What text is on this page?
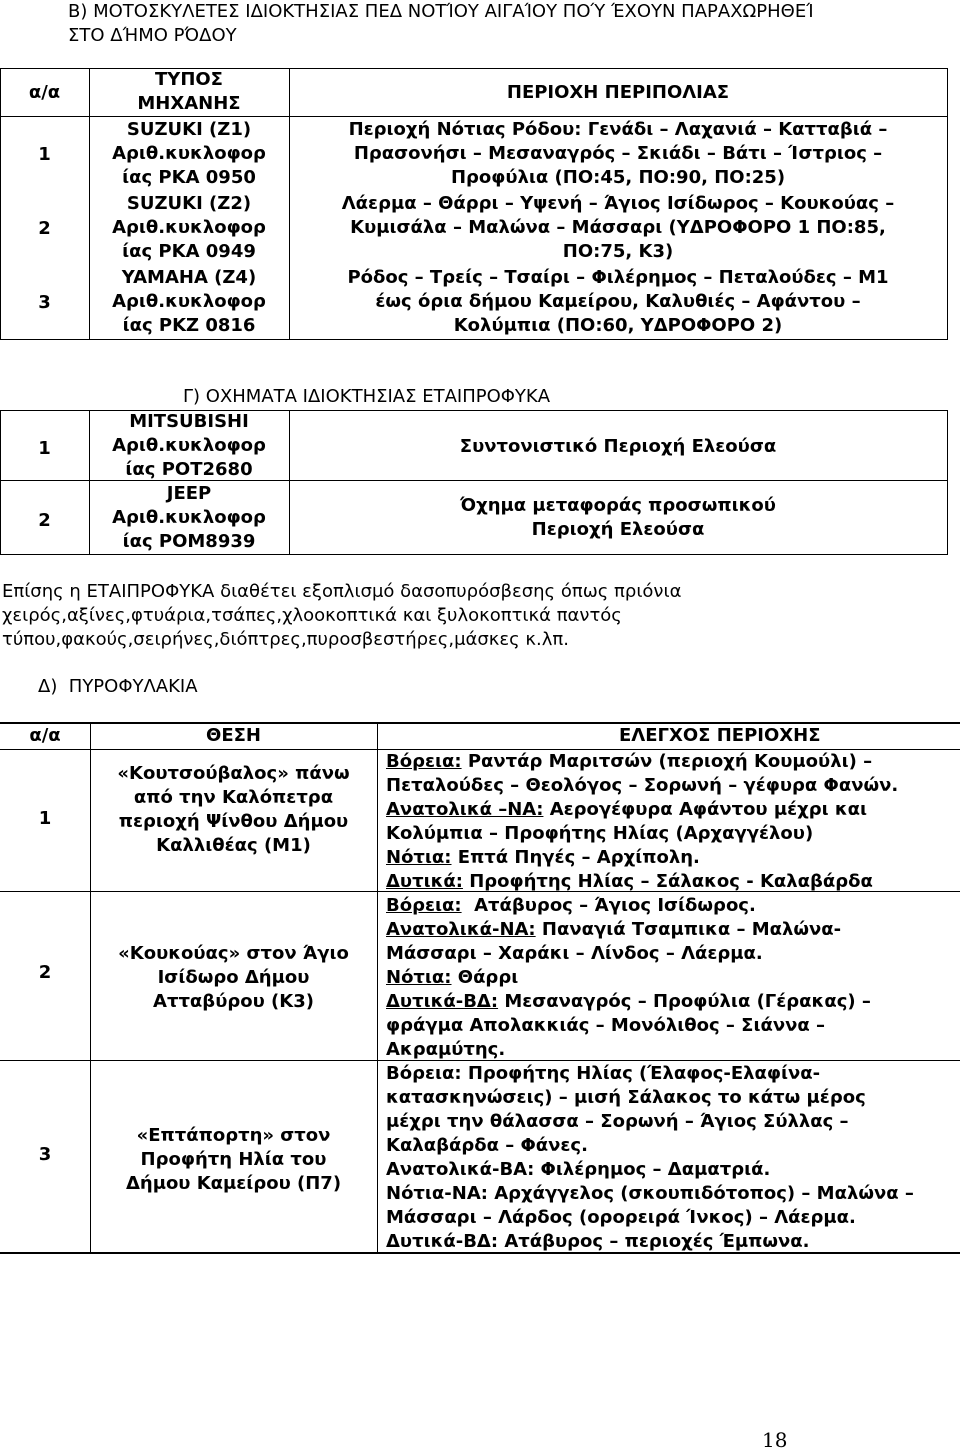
Β) ΜΟΤΟΣΚΥΛΕΤΕΣ ΙΔΙΟΚΤΗΣΙΑΣ ΠΕΔ ΝΟΤΊΟΥ ΑΙΓΑΊΟΥ ΠΟΎ ΈΧΟΥΝ ΠΑΡΑΧΩΡΗΘΕΊ
ΣΤΟ ΔΉΜΟ ΡΌΔΟΥ
α/α
ΤΥΠΟΣ
ΜΗΧΑΝΗΣ
ΠΕΡΙΟΧΗ ΠΕΡΙΠΟΛΙΑΣ
1
SUZUKI (Z1)
Αριθ.κυκλοφορ
ίας ΡΚΑ 0950
Περιοχή Νότιας Ρόδου: Γενάδι – Λαχανιά – Κατταβιά –
Πρασονήσι – Μεσαναγρός – Σκιάδι – Βάτι – Ίστριος –
Προφύλια (ΠΟ:45, ΠΟ:90, ΠΟ:25)
2
SUZUKI (Z2)
Αριθ.κυκλοφορ
ίας ΡΚΑ 0949
Λάερμα – Θάρρι – Υψενή – Άγιος Ισίδωρος – Κουκούας –
Κυμισάλα – Μαλώνα – Μάσσαρι (ΥΔΡΟΦΟΡΟ 1 ΠΟ:85,
ΠΟ:75, Κ3)
3
YAMAHA (Z4)
Αριθ.κυκλοφορ
ίας ΡΚΖ 0816
Ρόδος – Τρείς – Τσαίρι – Φιλέρημος – Πεταλούδες – Μ1
έως όρια δήμου Καμείρου, Καλυθιές – Αφάντου –
Κολύμπια (ΠΟ:60, ΥΔΡΟΦΟΡΟ 2)
Γ) ΟΧΗΜΑΤΑ ΙΔΙΟΚΤΗΣΙΑΣ ΕΤΑΙΠΡΟΦΥΚΑ
1
MITSUBISHI
Αριθ.κυκλοφορ
ίας ΡΟΤ2680
Συντονιστικό Περιοχή Ελεούσα
2
JEEP
Αριθ.κυκλοφορ
ίας ΡΟΜ8939
Όχημα μεταφοράς προσωπικού
Περιοχή Ελεούσα
Επίσης η ΕΤΑΙΠΡΟΦΥΚΑ διαθέτει εξοπλισμό δασοπυρόσβεσης όπως πριόνια
χειρός,αξίνες,φτυάρια,τσάπες,χλοοκοπτικά και ξυλοκοπτικά παντός
τύπου,φακούς,σειρήνες,διόπτρες,πυροσβεστήρες,μάσκες κ.λπ.
Δ)  ΠΥΡΟΦΥΛΑΚΙΑ
α/α	ΘΕΣΗ	ΕΛΕΓΧΟΣ ΠΕΡΙΟΧΗΣ
1
«Κουτσούβαλος» πάνω
από την Καλόπετρα
περιοχή Ψίνθου Δήμου
Καλλιθέας (Μ1)
Βόρεια: Ραντάρ Μαριτσών (περιοχή Κουμούλι) –
Πεταλούδες – Θεολόγος – Σορωνή – γέφυρα Φανών.
Ανατολικά –ΝΑ: Αερογέφυρα Αφάντου μέχρι και
Κολύμπια – Προφήτης Ηλίας (Αρχαγγέλου)
Νότια: Επτά Πηγές – Αρχίπολη.
Δυτικά: Προφήτης Ηλίας – Σάλακος - Καλαβάρδα
2
«Κουκούας» στον Άγιο
Ισίδωρο Δήμου
Ατταβύρου (Κ3)
Βόρεια:  Ατάβυρος – Άγιος Ισίδωρος.
Ανατολικά-ΝΑ: Παναγιά Τσαμπικα – Μαλώνα-
Μάσσαρι – Χαράκι – Λίνδος – Λάερμα.
Νότια: Θάρρι
Δυτικά-ΒΔ: Μεσαναγρός – Προφύλια (Γέρακας) –
φράγμα Απολακκιάς – Μονόλιθος – Σιάννα –
Ακραμύτης.
3
«Επτάπορτη» στον
Προφήτη Ηλία του
Δήμου Καμείρου (Π7)
Βόρεια: Προφήτης Ηλίας (Έλαφος-Ελαφίνα-
κατασκηνώσεις) – μισή Σάλακος το κάτω μέρος
μέχρι την θάλασσα – Σορωνή – Άγιος Σύλλας –
Καλαβάρδα – Φάνες.
Ανατολικά-ΒΑ: Φιλέρημος – Δαματριά.
Νότια-ΝΑ: Αρχάγγελος (σκουπιδότοπος) – Μαλώνα –
Μάσσαρι – Λάρδος (ορορειρά Ίνκος) – Λάερμα.
Δυτικά-ΒΔ: Ατάβυρος – περιοχές Έμπωνα.
18
